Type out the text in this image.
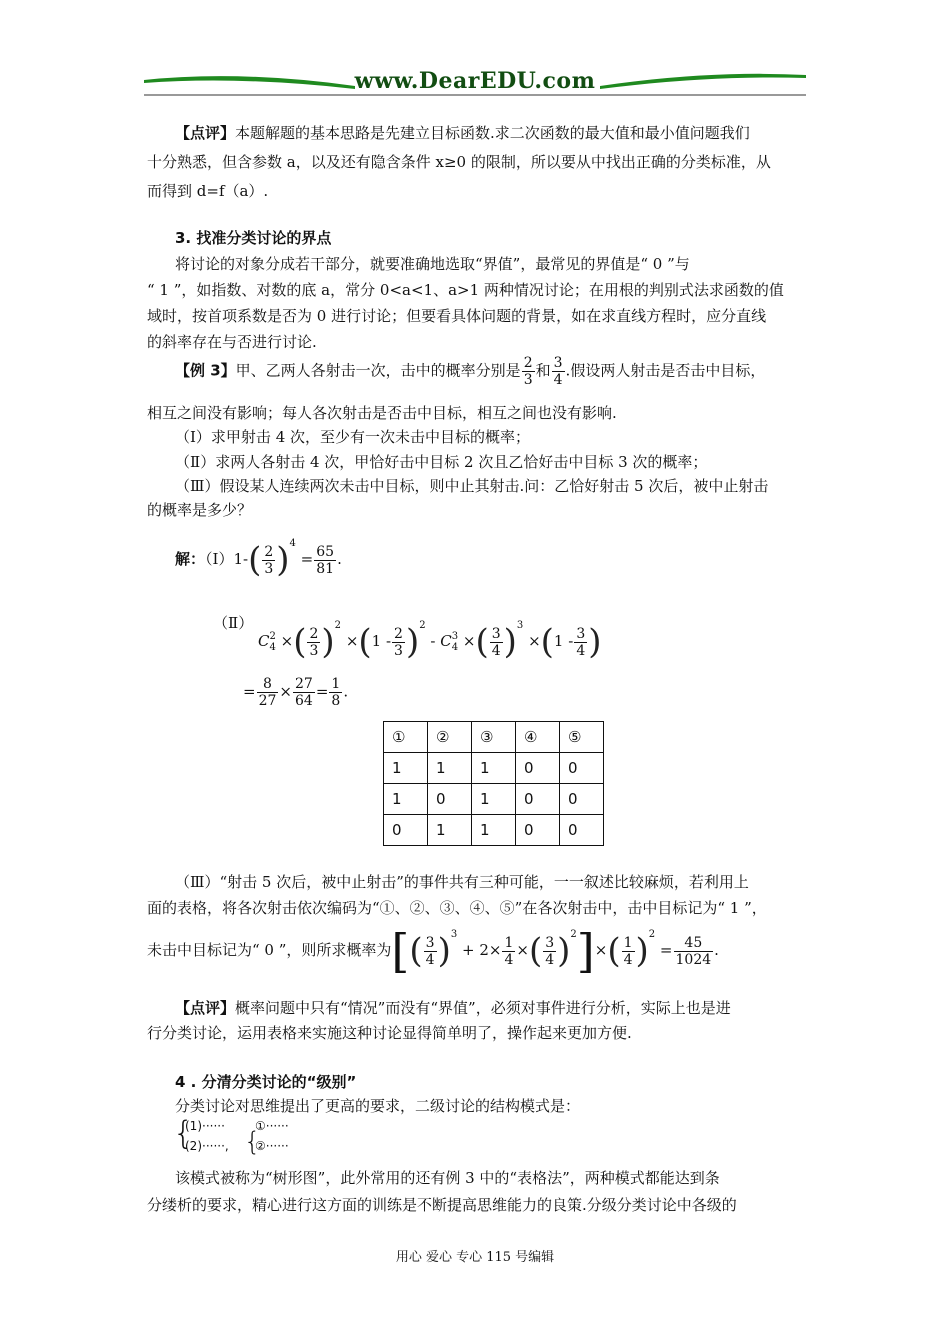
www.DearEDU.com
【点评】本题解题的基本思路是先建立目标函数.求二次函数的最大值和最小值问题我们
十分熟悉，但含参数 a，以及还有隐含条件 x≥0 的限制，所以要从中找出正确的分类标准，从
而得到 d=f（a）.
3. 找准分类讨论的界点
将讨论的对象分成若干部分，就要准确地选取“界值”，最常见的界值是“ 0 ”与
“ 1 ”，如指数、对数的底 a，常分 0<a<1、a>1 两种情况讨论；在用根的判别式法求函数的值
域时，按首项系数是否为 0 进行讨论；但要看具体问题的背景，如在求直线方程时，应分直线
的斜率存在与否进行讨论.
【例 3】甲、乙两人各射击一次，击中的概率分别是 $\frac{2}{3}$ 和 $\frac{3}{4}$ .假设两人射击是否击中目标，
相互之间没有影响；每人各次射击是否击中目标，相互之间也没有影响.
（Ⅰ）求甲射击 4 次，至少有一次未击中目标的概率；
（Ⅱ）求两人各射击 4 次，甲恰好击中目标 2 次且乙恰好击中目标 3 次的概率；
（Ⅲ）假设某人连续两次未击中目标，则中止其射击.问：乙恰好射击 5 次后，被中止射击
的概率是多少？
解：（Ⅰ）1-( $\frac{2}{3} )^4 = \frac{65}{81}$ .
（Ⅱ） C 2
4 ×( $\frac{2}{3} )^2 \times(1 - \frac{2}{3} )^2 - C$ 3
4 ×( $\frac{3}{4} )^3 \times(1 - \frac{3}{4}$ )
= $\frac{8}{27} \times \frac{27}{64} = \frac{1}{8}$ .
①	②	③	④	⑤
1	1	1	0	0
1	0	1	0	0
0	1	1	0	0
（Ⅲ）“射击 5 次后，被中止射击”的事件共有三种可能，一一叙述比较麻烦，若利用上
面的表格，将各次射击依次编码为“①、②、③、④、⑤”在各次射击中，击中目标记为“ 1 ”，
未击中目标记为“ 0 ”，则所求概率为[( $\frac{3}{4} )^3 + 2\times \frac{1}{4}$ ×( $\frac{3}{4} )^2]\times( \frac{1}{4} )^2 = \frac{45}{1024}$ .
【点评】概率问题中只有“情况”而没有“界值”，必须对事件进行分析，实际上也是进
行分类讨论，运用表格来实施这种讨论显得简单明了，操作起来更加方便.
4 . 分清分类讨论的“级别”
分类讨论对思维提出了更高的要求，二级讨论的结构模式是：
{
(1)······
(2)······, {
①······
②······
该模式被称为“树形图”，此外常用的还有例 3 中的“表格法”，两种模式都能达到条
分缕析的要求，精心进行这方面的训练是不断提高思维能力的良策.分级分类讨论中各级的
用心 爱心 专心 115 号编辑
